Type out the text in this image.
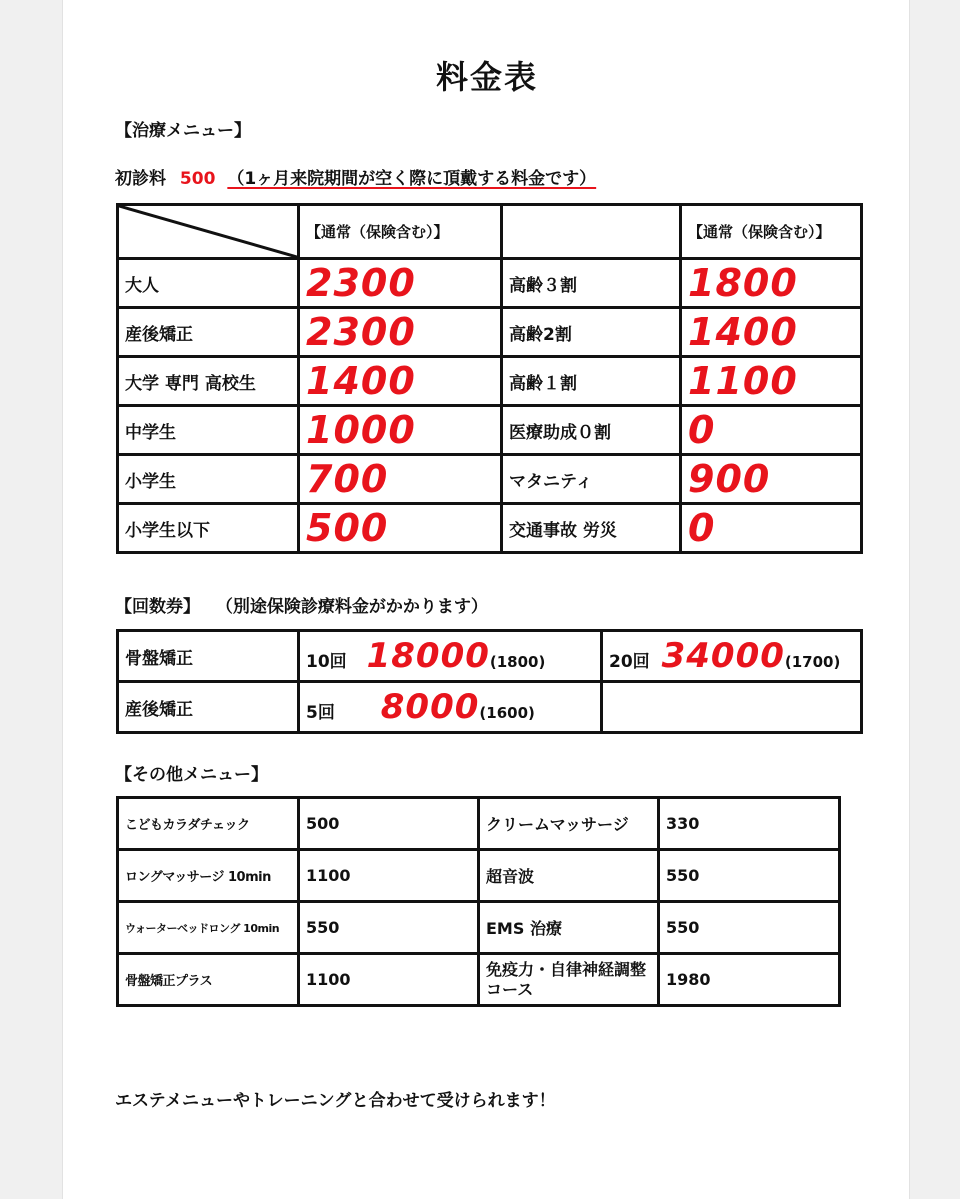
料金表
【治療メニュー】
初診料 500 （1ヶ月来院期間が空く際に頂戴する料金です）
	【通常（保険含む）】		【通常（保険含む）】
大人	2300	高齢３割	1800
産後矯正	2300	高齢2割	1400
大学 専門 高校生	1400	高齢１割	1100
中学生	1000	医療助成０割	0
小学生	700	マタニティ	900
小学生以下	500	交通事故 労災	0
【回数券】 （別途保険診療料金がかかります）
骨盤矯正	10回 18000(1800)	20回 34000(1700)
産後矯正	5回 8000(1600)	
【その他メニュー】
こどもカラダチェック	500	クリームマッサージ	330
ロングマッサージ 10min	1100	超音波	550
ウォーターベッドロング 10min	550	EMS 治療	550
骨盤矯正プラス	1100	免疫力・自律神経調整コース	1980
エステメニューやトレーニングと合わせて受けられます！
